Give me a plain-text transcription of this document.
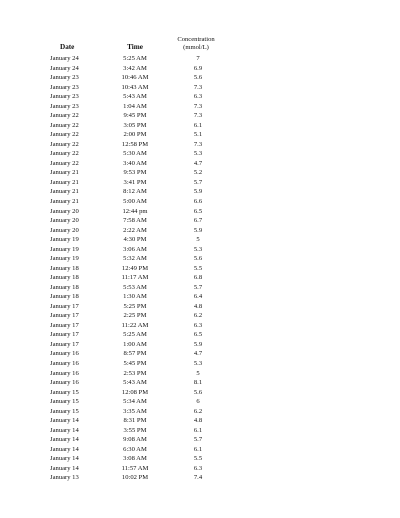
Date	Time	Concentration
(mmol/L)

January 24	5:25 AM	7
January 24	3:42 AM	6.9
January 23	10:46 AM	5.6
January 23	10:43 AM	7.3
January 23	5:43 AM	6.3
January 23	1:04 AM	7.3
January 22	9:45 PM	7.3
January 22	3:05 PM	6.1
January 22	2:00 PM	5.1
January 22	12:58 PM	7.3
January 22	5:30 AM	5.3
January 22	3:40 AM	4.7
January 21	9:53 PM	5.2
January 21	3:41 PM	5.7
January 21	8:12 AM	5.9
January 21	5:00 AM	6.6
January 20	12:44 pm	6.5
January 20	7:58 AM	6.7
January 20	2:22 AM	5.9
January 19	4:30 PM	5
January 19	3:06 AM	5.3
January 19	5:32 AM	5.6
January 18	12:49 PM	5.5
January 18	11:17 AM	6.8
January 18	5:53 AM	5.7
January 18	1:30 AM	6.4
January 17	5:25 PM	4.8
January 17	2:25 PM	6.2
January 17	11:22 AM	6.3
January 17	5:25 AM	6.5
January 17	1:00 AM	5.9
January 16	8:57 PM	4.7
January 16	5:45 PM	5.3
January 16	2:53 PM	5
January 16	5:43 AM	8.1
January 15	12:08 PM	5.6
January 15	5:34 AM	6
January 15	3:35 AM	6.2
January 14	8:31 PM	4.8
January 14	3:55 PM	6.1
January 14	9:08 AM	5.7
January 14	6:30 AM	6.1
January 14	3:08 AM	5.5
January 14	11:57 AM	6.3
January 13	10:02 PM	7.4
